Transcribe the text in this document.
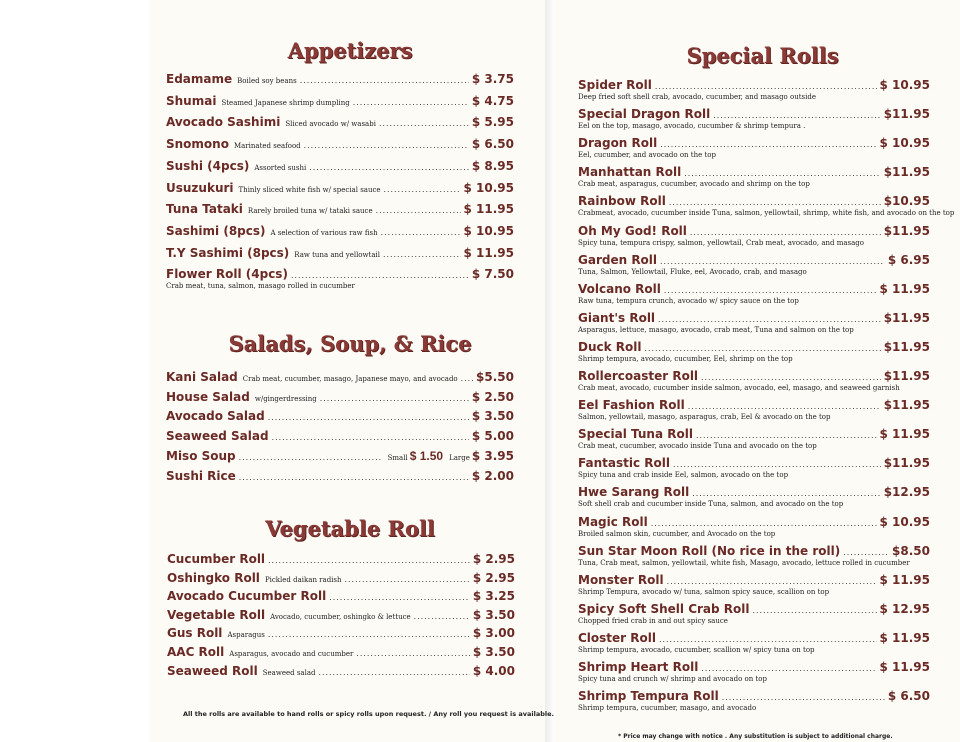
Appetizers
Edamame Boiled soy beans .....	$ 3.75
Shumai Steamed Japanese shrimp dumpling .....	$ 4.75
Avocado Sashimi Sliced avocado w/ wasabi .....	$ 5.95
Snomono Marinated seafood .....	$ 6.50
Sushi (4pcs) Assorted sushi .....	$ 8.95
Usuzukuri Thinly sliced white fish w/ special sauce .....	$ 10.95
Tuna Tataki Rarely broiled tuna w/ tataki sauce .....	$ 11.95
Sashimi (8pcs) A selection of various raw fish .....	$ 10.95
T.Y Sashimi (8pcs) Raw tuna and yellowtail .....	$ 11.95
Flower Roll (4pcs) .....	$ 7.50
Crab meat, tuna, salmon, masago rolled in cucumber
Salads, Soup, & Rice
Kani Salad Crab meat, cucumber, masago, Japanese mayo, and avocado ..... $5.50
House Salad w/gingerdressing .....	$ 2.50
Avocado Salad .....	$ 3.50
Seaweed Salad .....	$ 5.00
Miso Soup .....	Small $ 1.50 Large $ 3.95
Sushi Rice .....	$ 2.00
Vegetable Roll
Cucumber Roll .....	$ 2.95
Oshingko Roll Pickled daikan radish .....	$ 2.95
Avocado Cucumber Roll .....	$ 3.25
Vegetable Roll Avocado, cucumber, oshingko & lettuce .....	$ 3.50
Gus Roll Asparagus .....	$ 3.00
AAC Roll Asparagus, avocado and cucumber .....	$ 3.50
Seaweed Roll Seaweed salad .....	$ 4.00
All the rolls are available to hand rolls or spicy rolls upon request. / Any roll you request is available.
Special Rolls
Spider Roll .....	$ 10.95
Deep fried soft shell crab, avocado, cucumber, and masago outside
Special Dragon Roll .....	$11.95
Eel on the top, masago, avocado, cucumber & shrimp tempura .
Dragon Roll .....	$ 10.95
Eel, cucumber, and avocado on the top
Manhattan Roll .....	$11.95
Crab meat, asparagus, cucumber, avocado and shrimp on the top
Rainbow Roll .....	$10.95
Crabmeat, avocado, cucumber inside Tuna, salmon, yellowtail, shrimp, white fish, and avocado on the top
Oh My God! Roll .....	$11.95
Spicy tuna, tempura crispy, salmon, yellowtail, Crab meat, avocado, and masago
Garden Roll .....	$ 6.95
Tuna, Salmon, Yellowtail, Fluke, eel, Avocado, crab, and masago
Volcano Roll .....	$ 11.95
Raw tuna, tempura crunch, avocado w/ spicy sauce on the top
Giant's Roll .....	$11.95
Asparagus, lettuce, masago, avocado, crab meat, Tuna and salmon on the top
Duck Roll .....	$11.95
Shrimp tempura, avocado, cucumber, Eel, shrimp on the top
Rollercoaster Roll .....	$11.95
Crab meat, avocado, cucumber inside salmon, avocado, eel, masago, and seaweed garnish
Eel Fashion Roll .....	$11.95
Salmon, yellowtail, masago, asparagus, crab, Eel & avocado on the top
Special Tuna Roll .....	$ 11.95
Crab meat, cucumber, avocado inside Tuna and avocado on the top
Fantastic Roll .....	$11.95
Spicy tuna and crab inside Eel, salmon, avocado on the top
Hwe Sarang Roll .....	$12.95
Soft shell crab and cucumber inside Tuna, salmon, and avocado on the top
Magic Roll .....	$ 10.95
Broiled salmon skin, cucumber, and Avocado on the top
Sun Star Moon Roll (No rice in the roll) .....	$8.50
Tuna, Crab meat, salmon, yellowtail, white fish, Masago, avocado, lettuce rolled in cucumber
Monster Roll .....	$ 11.95
Shrimp Tempura, avocado w/ tuna, salmon spicy sauce, scallion on top
Spicy Soft Shell Crab Roll .....	$ 12.95
Chopped fried crab in and out spicy sauce
Closter Roll .....	$ 11.95
Shrimp tempura, avocado, cucumber, scallion w/ spicy tuna on top
Shrimp Heart Roll .....	$ 11.95
Spicy tuna and crunch w/ shrimp and avocado on top
Shrimp Tempura Roll .....	$ 6.50
Shrimp tempura, cucumber, masago, and avocado
* Price may change with notice . Any substitution is subject to additional charge.
